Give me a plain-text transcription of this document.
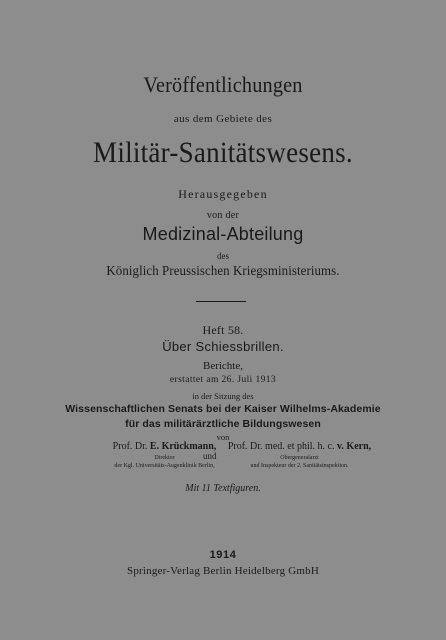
Veröffentlichungen
aus dem Gebiete des
Militär-Sanitätswesens.
Herausgegeben
von der
Medizinal-Abteilung
des
Königlich Preussischen Kriegsministeriums.
Heft 58.
Über Schiessbrillen.
Berichte,
erstattet am 26. Juli 1913
in der Sitzung des
Wissenschaftlichen Senats bei der Kaiser Wilhelms-Akademie
für das militärärztliche Bildungswesen
von
Prof. Dr. E. Krückmann,
Direktor
der Kgl. Universitäts-Augenklinik Berlin,
und
Prof. Dr. med. et phil. h. c. v. Kern,
Obergeneralarzt
und Inspekteur der 2. Sanitätsinspektion.
Mit 11 Textfiguren.
1914
Springer-Verlag Berlin Heidelberg GmbH
